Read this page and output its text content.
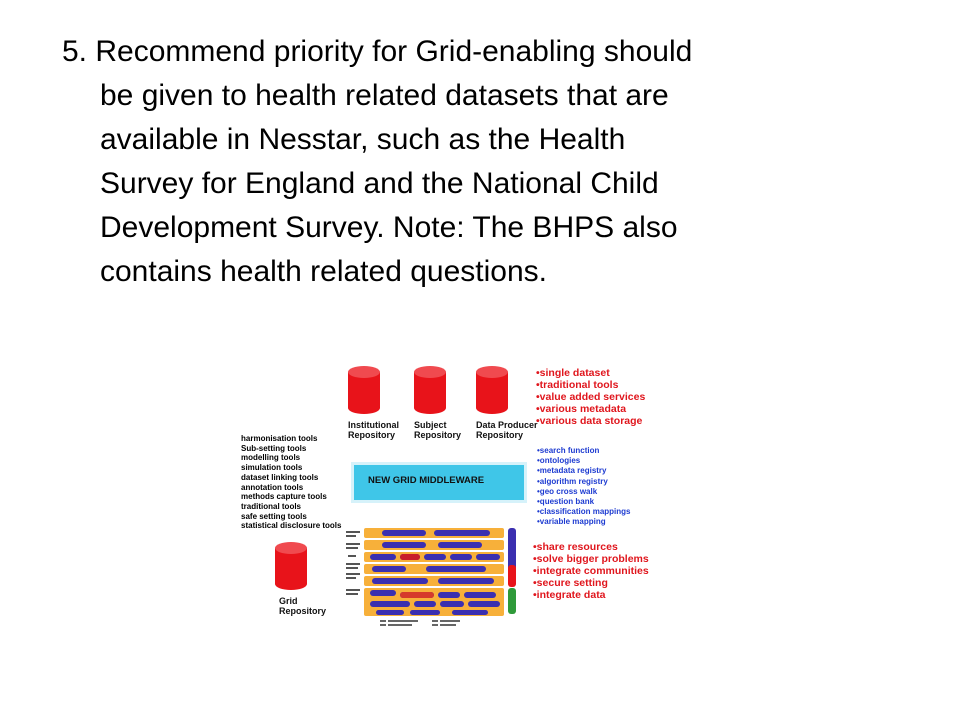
5. Recommend priority for Grid-enabling should
be given to health related datasets that are
available in Nesstar, such as the Health
Survey for England and the National Child
Development Survey. Note: The BHPS also
contains health related questions.

Institutional
Repository
Subject
Repository
Data Producer
Repository
Grid
Repository
harmonisation tools
Sub-setting tools
modelling tools
simulation tools
dataset linking tools
annotation tools
methods capture tools
traditional tools
safe setting tools
statistical disclosure tools
•single dataset
•traditional tools
•value added services
•various metadata
•various data storage
•search function
•ontologies
•metadata registry
•algorithm registry
•geo cross walk
•question bank
•classification mappings
•variable mapping
•share resources
•solve bigger problems
•integrate communities
•secure setting
•integrate data
NEW GRID MIDDLEWARE
